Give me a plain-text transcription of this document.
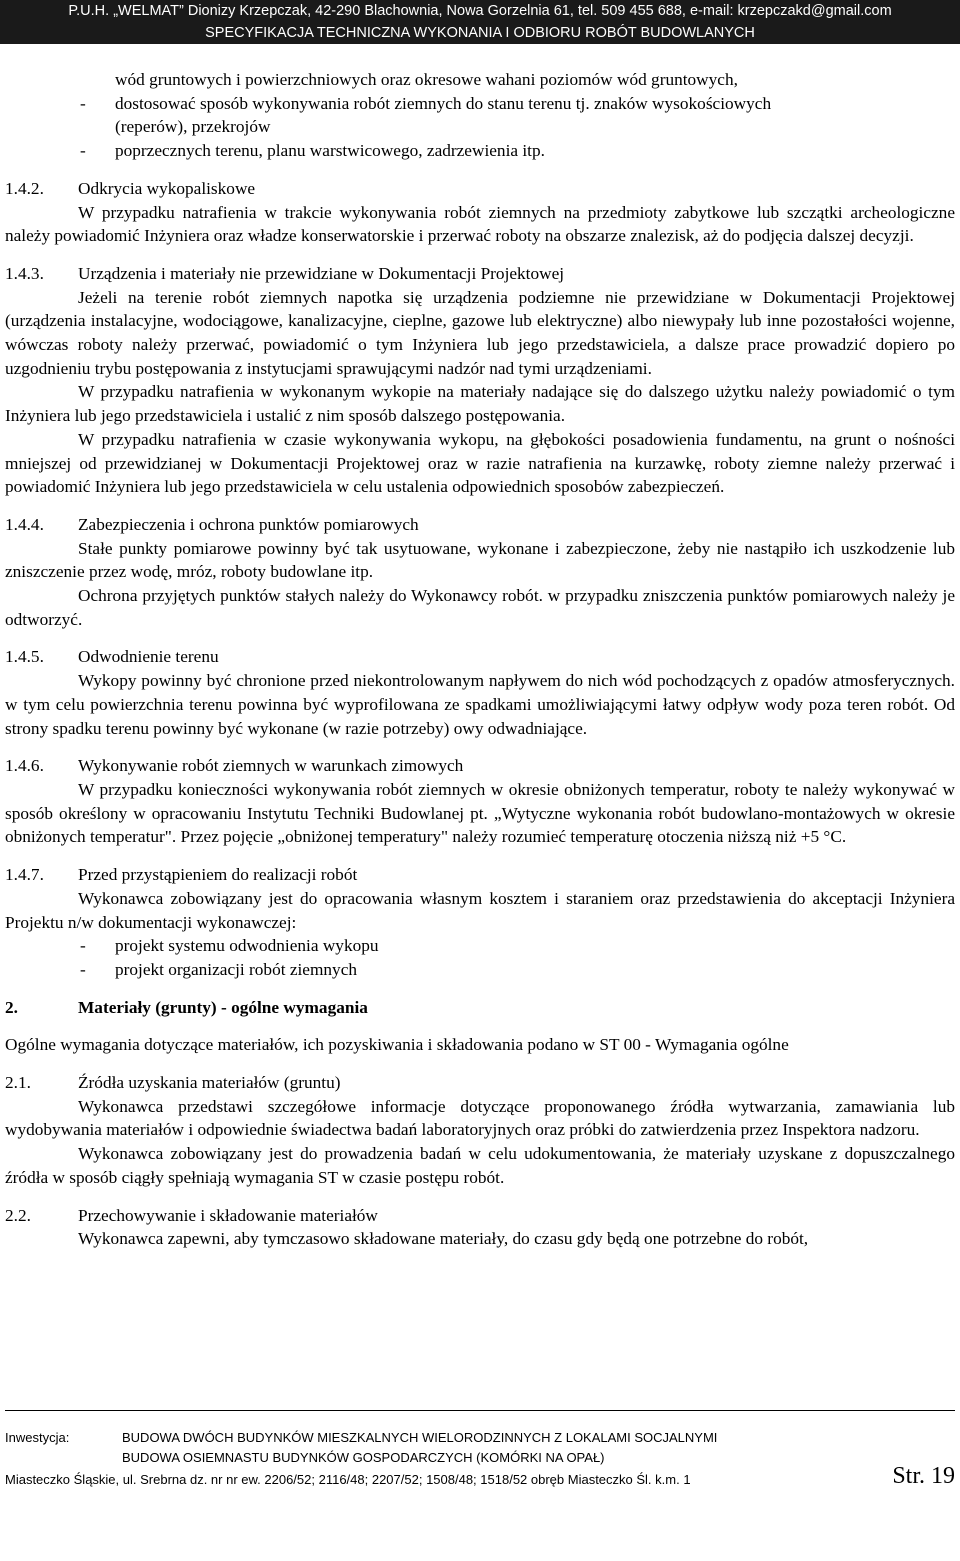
P.U.H. „WELMAT” Dionizy Krzepczak, 42-290 Blachownia, Nowa Gorzelnia 61, tel. 509 455 688, e-mail: krzepczakd@gmail.com
SPECYFIKACJA TECHNICZNA WYKONANIA I ODBIORU ROBÓT BUDOWLANYCH

wód gruntowych i powierzchniowych oraz okresowe wahani poziomów wód gruntowych,

- dostosować sposób wykonywania robót ziemnych do stanu terenu tj. znaków wysokościowych

(reperów), przekrojów

- poprzecznych terenu, planu warstwicowego, zadrzewienia itp.

1.4.2. Odkrycia wykopaliskowe

W przypadku natrafienia w trakcie wykonywania robót ziemnych na przedmioty zabytkowe lub szczątki archeologiczne należy powiadomić Inżyniera oraz władze konserwatorskie i przerwać roboty na obszarze znalezisk, aż do podjęcia dalszej decyzji.

1.4.3. Urządzenia i materiały nie przewidziane w Dokumentacji Projektowej

Jeżeli na terenie robót ziemnych napotka się urządzenia podziemne nie przewidziane w Dokumentacji Projektowej (urządzenia instalacyjne, wodociągowe, kanalizacyjne, cieplne, gazowe lub elektryczne) albo niewypały lub inne pozostałości wojenne, wówczas roboty należy przerwać, powiadomić o tym Inżyniera lub jego przedstawiciela, a dalsze prace prowadzić dopiero po uzgodnieniu trybu postępowania z instytucjami sprawującymi nadzór nad tymi urządzeniami.

W przypadku natrafienia w wykonanym wykopie na materiały nadające się do dalszego użytku należy powiadomić o tym Inżyniera lub jego przedstawiciela i ustalić z nim sposób dalszego postępowania.

W przypadku natrafienia w czasie wykonywania wykopu, na głębokości posadowienia fundamentu, na grunt o nośności mniejszej od przewidzianej w Dokumentacji Projektowej oraz w razie natrafienia na kurzawkę, roboty ziemne należy przerwać i powiadomić Inżyniera lub jego przedstawiciela w celu ustalenia odpowiednich sposobów zabezpieczeń.

1.4.4. Zabezpieczenia i ochrona punktów pomiarowych

Stałe punkty pomiarowe powinny być tak usytuowane, wykonane i zabezpieczone, żeby nie nastąpiło ich uszkodzenie lub zniszczenie przez wodę, mróz, roboty budowlane itp.

Ochrona przyjętych punktów stałych należy do Wykonawcy robót. w przypadku zniszczenia punktów pomiarowych należy je odtworzyć.

1.4.5. Odwodnienie terenu

Wykopy powinny być chronione przed niekontrolowanym napływem do nich wód pochodzących z opadów atmosferycznych. w tym celu powierzchnia terenu powinna być wyprofilowana ze spadkami umożliwiającymi łatwy odpływ wody poza teren robót. Od strony spadku terenu powinny być wykonane (w razie potrzeby) owy odwadniające.

1.4.6. Wykonywanie robót ziemnych w warunkach zimowych

W przypadku konieczności wykonywania robót ziemnych w okresie obniżonych temperatur, roboty te należy wykonywać w sposób określony w opracowaniu Instytutu Techniki Budowlanej pt. „Wytyczne wykonania robót budowlano-montażowych w okresie obniżonych temperatur". Przez pojęcie „obniżonej temperatury" należy rozumieć temperaturę otoczenia niższą niż +5 °C.

1.4.7. Przed przystąpieniem do realizacji robót

Wykonawca zobowiązany jest do opracowania własnym kosztem i staraniem oraz przedstawienia do akceptacji Inżyniera Projektu n/w dokumentacji wykonawczej:

- projekt systemu odwodnienia wykopu

- projekt organizacji robót ziemnych

2.	Materiały (grunty) - ogólne wymagania

Ogólne wymagania dotyczące materiałów, ich pozyskiwania i składowania podano w ST 00 - Wymagania ogólne

2.1.	Źródła uzyskania materiałów (gruntu)

Wykonawca przedstawi szczegółowe informacje dotyczące proponowanego źródła wytwarzania, zamawiania lub wydobywania materiałów i odpowiednie świadectwa badań laboratoryjnych oraz próbki do zatwierdzenia przez Inspektora nadzoru.

Wykonawca zobowiązany jest do prowadzenia badań w celu udokumentowania, że materiały uzyskane z dopuszczalnego źródła w sposób ciągły spełniają wymagania ST w czasie postępu robót.

2.2.	Przechowywanie i składowanie materiałów

Wykonawca zapewni, aby tymczasowo składowane materiały, do czasu gdy będą one potrzebne do robót,

Inwestycja:	BUDOWA DWÓCH BUDYNKÓW MIESZKALNYCH WIELORODZINNYCH Z LOKALAMI SOCJALNYMI
BUDOWA OSIEMNASTU BUDYNKÓW GOSPODARCZYCH (KOMÓRKI NA OPAŁ)
Miasteczko Śląskie, ul. Srebrna dz. nr nr ew. 2206/52; 2116/48; 2207/52; 1508/48; 1518/52 obręb Miasteczko Śl. k.m. 1	Str. 19
